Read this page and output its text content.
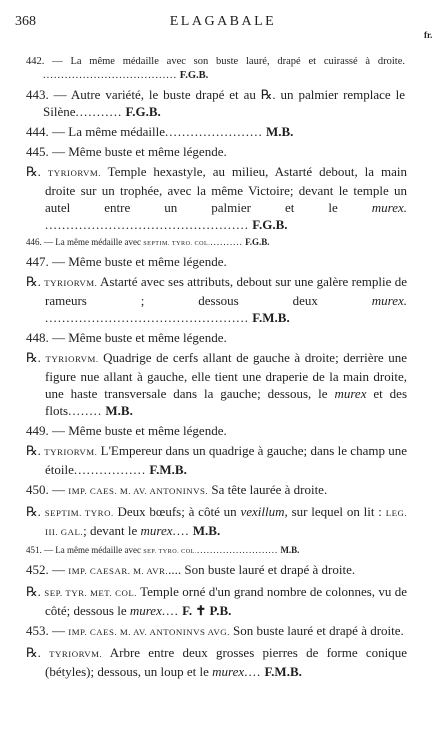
368	ELAGABALE
fr.
442. — La même médaille avec son buste lauré, drapé et cuirassé à droite. ..................................... F.G.B.
443. — Autre variété, le buste drapé et au ℞. un palmier remplace le Silène........... F.G.B.
444. — La même médaille....................... M.B.
445. — Même buste et même légende.
℞. TYRIORVM. Temple hexastyle, au milieu, Astarté debout, la main droite sur un trophée, avec la même Victoire; devant le temple un autel entre un palmier et le	murex. ................................................ F.G.B.
446. — La même médaille avec SEPTIM. TYRO. COL........... F.G.B.
447. — Même buste et même légende.
℞. TYRIORVM. Astarté avec ses attributs, debout sur une galère remplie de rameurs ; dessous deux	murex. ................................................ F.M.B.
448. — Même buste et même légende.
℞. TYRIORVM. Quadrige de cerfs allant de gauche à droite; derrière une figure nue allant à gauche, elle tient une draperie de la main droite, une haste transversale dans la gauche; dessous, le murex et des flots........ M.B.
449. — Même buste et même légende.
℞. TYRIORVM. L'Empereur dans un quadrige à gauche; dans le champ une étoile................. F.M.B.
450. — IMP. CAES. M. AV. ANTONINVS. Sa tête laurée à droite.
℞. SEPTIM. TYRO. Deux bœufs; à côté un vexillum, sur lequel on lit : LEG. III. GAL.; devant le murex.... M.B.
451. — La même médaille avec SEP. TYRO. COL.......................... M.B.
452. — IMP. CAESAR. M. AVR..... Son buste lauré et drapé à droite.
℞. SEP. TYR. MET. COL. Temple orné d'un grand nombre de colonnes, vu de côté; dessous le murex.... F. ✝ P.B.
453. — IMP. CAES. M. AV. ANTONINVS AVG. Son buste lauré et drapé à droite.
℞. TYRIORVM. Arbre entre deux grosses pierres de forme conique (bétyles); dessous, un loup et le murex.... F.M.B.
